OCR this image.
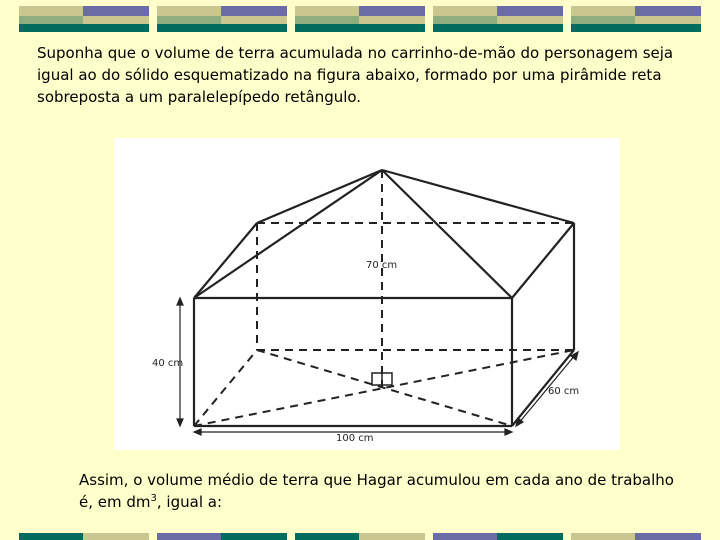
Suponha que o volume de terra acumulada no carrinho-de-mão do personagem seja igual ao do sólido esquematizado na figura abaixo, formado por uma pirâmide reta sobreposta a um paralelepípedo retângulo.

70 cm
40 cm
60 cm
100 cm
Assim, o volume médio de terra que Hagar acumulou em cada ano de trabalho é, em $dm^3$, igual a:
